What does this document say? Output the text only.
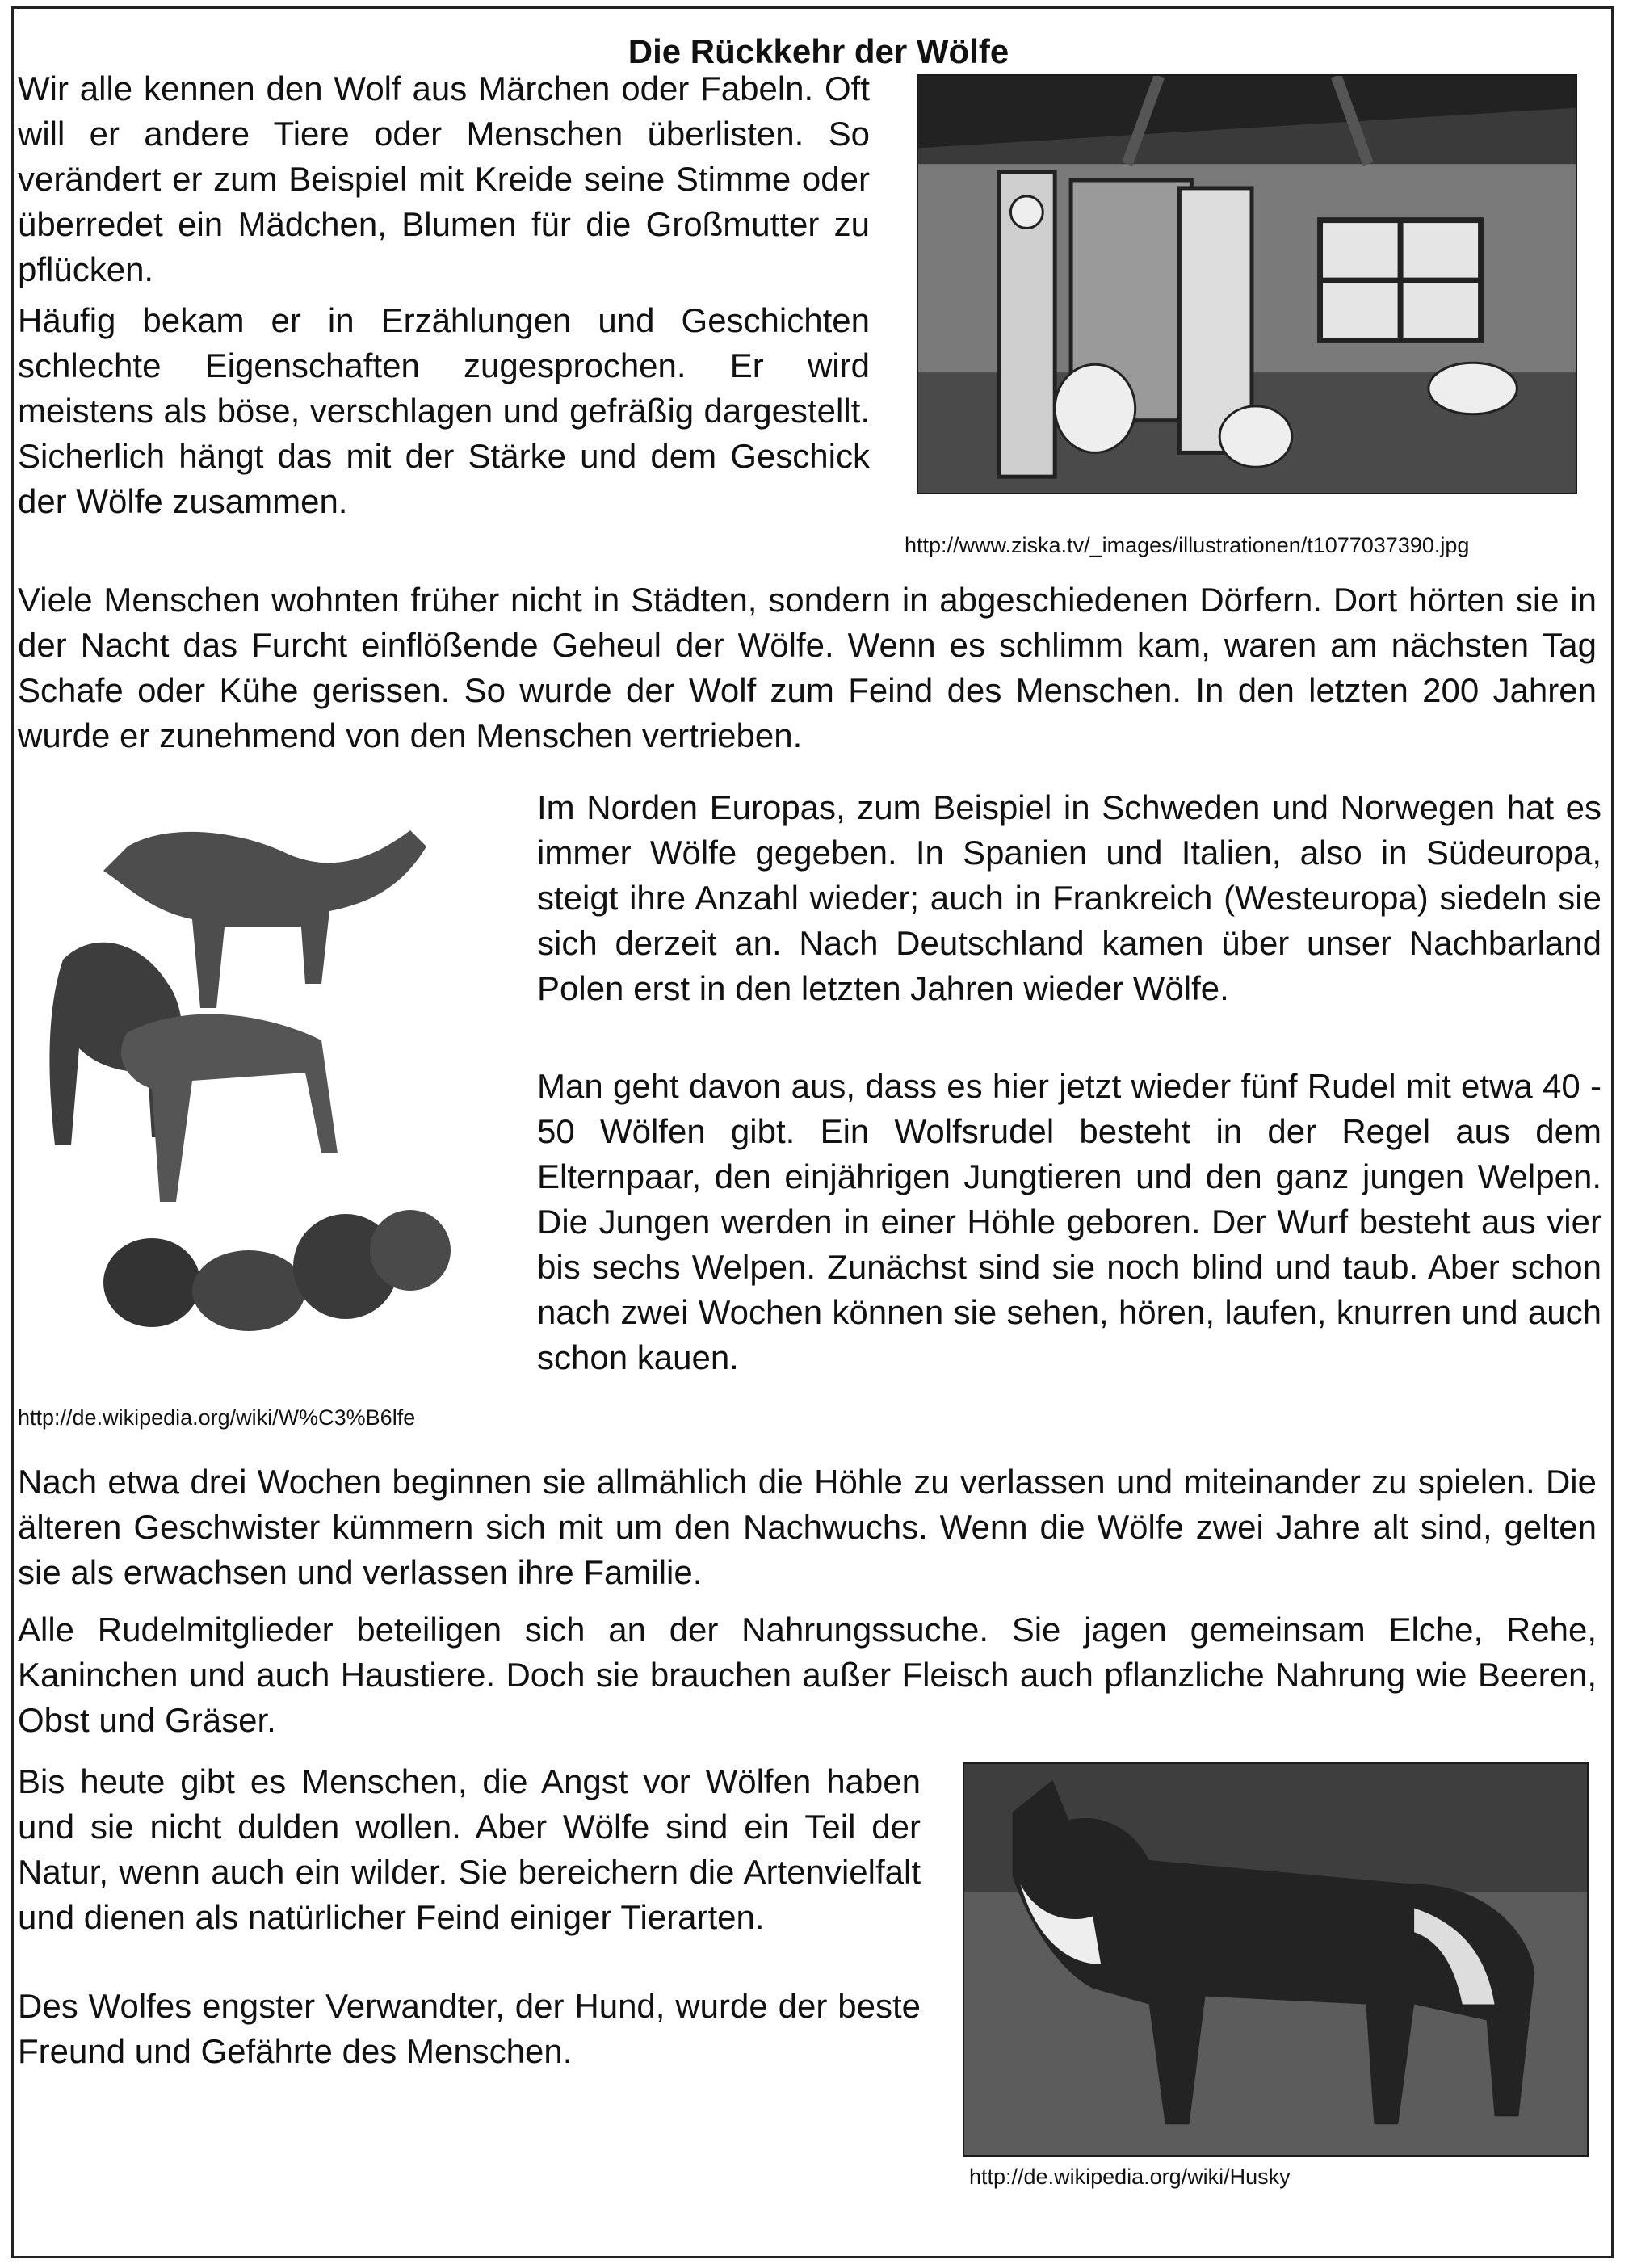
Die Rückkehr der Wölfe

Wir alle kennen den Wolf aus Märchen oder Fabeln. Oft will er andere Tiere oder Menschen überlisten. So verändert er zum Beispiel mit Kreide seine Stimme oder überredet ein Mädchen, Blumen für die Großmutter zu pflücken.

Häufig bekam er in Erzählungen und Geschichten schlechte Eigenschaften zugesprochen. Er wird meistens als böse, verschlagen und gefräßig dargestellt. Sicherlich hängt das mit der Stärke und dem Geschick der Wölfe zusammen.

http://www.ziska.tv/_images/illustrationen/t1077037390.jpg

Viele Menschen wohnten früher nicht in Städten, sondern in abgeschiedenen Dörfern. Dort hörten sie in der Nacht das Furcht einflößende Geheul der Wölfe. Wenn es schlimm kam, waren am nächsten Tag Schafe oder Kühe gerissen. So wurde der Wolf zum Feind des Menschen. In den letzten 200 Jahren wurde er zunehmend von den Menschen vertrieben.

http://de.wikipedia.org/wiki/W%C3%B6lfe

Im Norden Europas, zum Beispiel in Schweden und Norwegen hat es immer Wölfe gegeben. In Spanien und Italien, also in Südeuropa, steigt ihre Anzahl wieder; auch in Frankreich (Westeuropa) siedeln sie sich derzeit an. Nach Deutschland kamen über unser Nachbarland Polen erst in den letzten Jahren wieder Wölfe.

Man geht davon aus, dass es hier jetzt wieder fünf Rudel mit etwa 40 - 50 Wölfen gibt. Ein Wolfsrudel besteht in der Regel aus dem Elternpaar, den einjährigen Jungtieren und den ganz jungen Welpen. Die Jungen werden in einer Höhle geboren. Der Wurf besteht aus vier bis sechs Welpen. Zunächst sind sie noch blind und taub. Aber schon nach zwei Wochen können sie sehen, hören, laufen, knurren und auch schon kauen.

Nach etwa drei Wochen beginnen sie allmählich die Höhle zu verlassen und miteinander zu spielen. Die älteren Geschwister kümmern sich mit um den Nachwuchs. Wenn die Wölfe zwei Jahre alt sind, gelten sie als erwachsen und verlassen ihre Familie.

Alle Rudelmitglieder beteiligen sich an der Nahrungssuche. Sie jagen gemeinsam Elche, Rehe, Kaninchen und auch Haustiere. Doch sie brauchen außer Fleisch auch pflanzliche Nahrung wie Beeren, Obst und Gräser.

Bis heute gibt es Menschen, die Angst vor Wölfen haben und sie nicht dulden wollen. Aber Wölfe sind ein Teil der Natur, wenn auch ein wilder. Sie bereichern die Artenvielfalt und dienen als natürlicher Feind einiger Tierarten.

Des Wolfes engster Verwandter, der Hund, wurde der beste Freund und Gefährte des Menschen.

http://de.wikipedia.org/wiki/Husky
